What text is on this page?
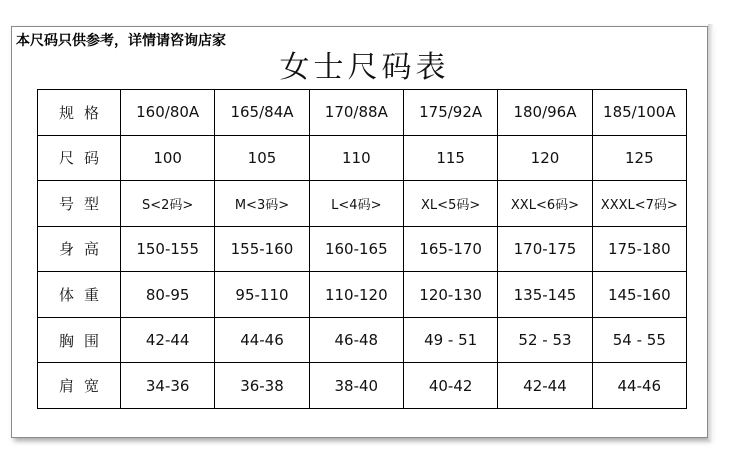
本尺码只供参考，详情请咨询店家
女士尺码表
规格	160/80A	165/84A	170/88A	175/92A	180/96A	185/100A
尺码	100	105	110	115	120	125
号型	S<2码>	M<3码>	L<4码>	XL<5码>	XXL<6码>	XXXL<7码>
身高	150-155	155-160	160-165	165-170	170-175	175-180
体重	80-95	95-110	110-120	120-130	135-145	145-160
胸围	42-44	44-46	46-48	49 - 51	52 - 53	54 - 55
肩宽	34-36	36-38	38-40	40-42	42-44	44-46
